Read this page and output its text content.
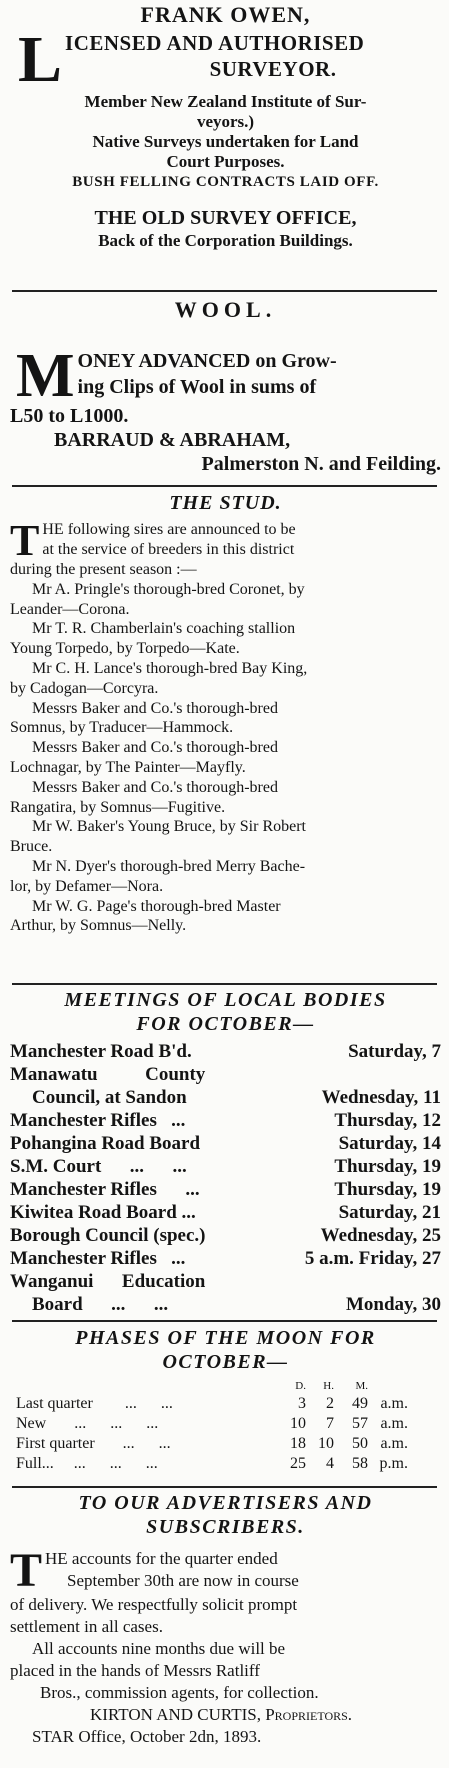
FRANK OWEN,
L ICENSED AND AUTHORISED
SURVEYOR.
Member New Zealand Institute of Sur-
veyors.)
Native Surveys undertaken for Land
Court Purposes.
BUSH FELLING CONTRACTS LAID OFF.
THE OLD SURVEY OFFICE,
Back of the Corporation Buildings.
WOOL.
M ONEY ADVANCED on Grow-
ing Clips of Wool in sums of
L50 to L1000.
BARRAUD & ABRAHAM,
Palmerston N. and Feilding.
THE STUD.
T HE following sires are announced to be
at the service of breeders in this district
during the present season :—
Mr A. Pringle's thorough-bred Coronet, by
Leander—Corona.
Mr T. R. Chamberlain's coaching stallion
Young Torpedo, by Torpedo—Kate.
Mr C. H. Lance's thorough-bred Bay King,
by Cadogan—Corcyra.
Messrs Baker and Co.'s thorough-bred
Somnus, by Traducer—Hammock.
Messrs Baker and Co.'s thorough-bred
Lochnagar, by The Painter—Mayfly.
Messrs Baker and Co.'s thorough-bred
Rangatira, by Somnus—Fugitive.
Mr W. Baker's Young Bruce, by Sir Robert
Bruce.
Mr N. Dyer's thorough-bred Merry Bache-
lor, by Defamer—Nora.
Mr W. G. Page's thorough-bred Master
Arthur, by Somnus—Nelly.
MEETINGS OF LOCAL BODIES
FOR OCTOBER—
Manchester Road B'd.	Saturday, 7
Manawatu          County
Council, at Sandon	Wednesday, 11
Manchester Rifles   ...	Thursday, 12
Pohangina Road Board	Saturday, 14
S.M. Court      ...      ...	Thursday, 19
Manchester Rifles      ...	Thursday, 19
Kiwitea Road Board ...	Saturday, 21
Borough Council (spec.)	Wednesday, 25
Manchester Rifles   ...	5 a.m. Friday, 27
Wanganui      Education
Board      ...      ...	Monday, 30
PHASES OF THE MOON FOR
OCTOBER—
D.	H.	M.
Last quarter        ...      ...	3	2	49 a.m.
New       ...      ...      ...	10	7	57 a.m.
First quarter       ...      ...	18 10	50 a.m.
Full...     ...      ...      ...	25	4	58 p.m.
TO OUR ADVERTISERS AND
SUBSCRIBERS.
T HE accounts for the quarter ended
September 30th are now in course
of delivery. We respectfully solicit prompt
settlement in all cases.
All accounts nine months due will be
placed in the hands of Messrs Ratliff
Bros., commission agents, for collection.
KIRTON AND CURTIS, Proprietors.
STAR Office, October 2dn, 1893.
